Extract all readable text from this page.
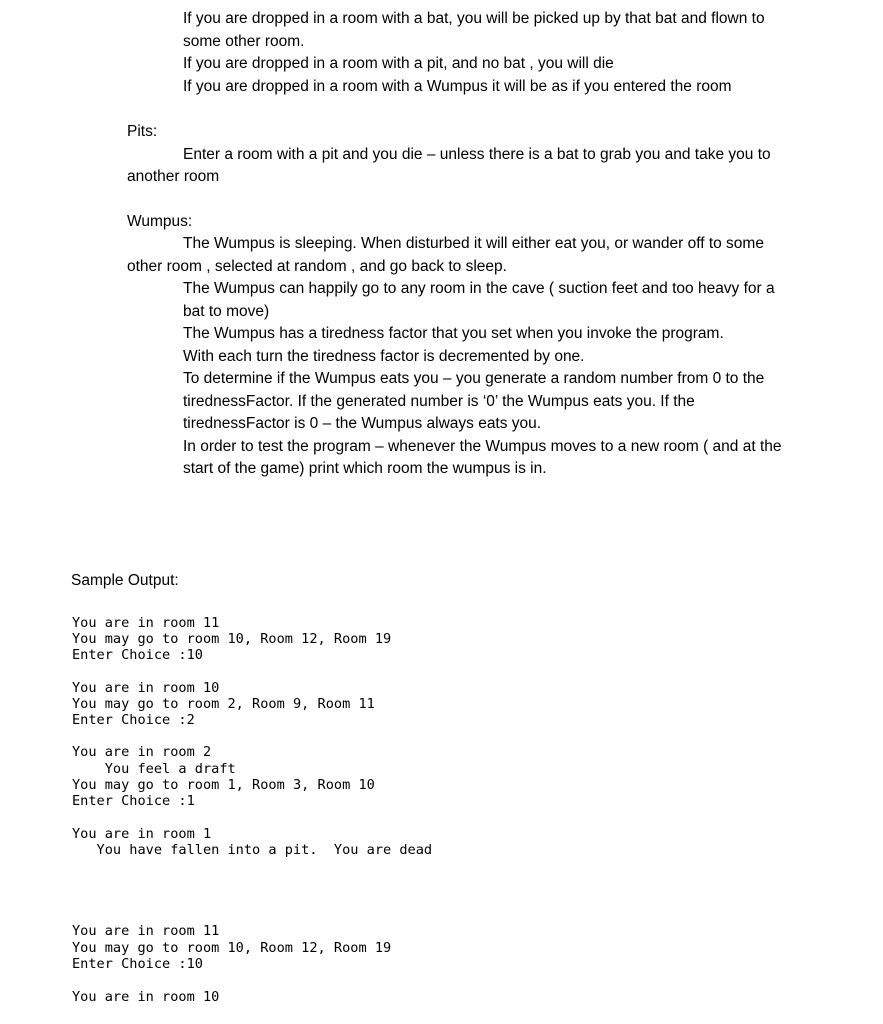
If you are dropped in a room with a bat, you will be picked up by that bat and flown to
some other room.
If you are dropped in a room with a pit, and no bat , you will die
If you are dropped in a room with a Wumpus it will be as if you entered the room
Pits:
Enter a room with a pit and you die – unless there is a bat to grab you and take you to
another room
Wumpus:
The Wumpus is sleeping. When disturbed it will either eat you, or wander off to some
other room , selected at random , and go back to sleep.
The Wumpus can happily go to any room in the cave ( suction feet and too heavy for a
bat to move)
The Wumpus has a tiredness factor that you set when you invoke the program.
With each turn the tiredness factor is decremented by one.
To determine if the Wumpus eats you – you generate a random number from 0 to the
tirednessFactor. If the generated number is ‘0’ the Wumpus eats you. If the
tirednessFactor is 0 – the Wumpus always eats you.
In order to test the program – whenever the Wumpus moves to a new room ( and at the
start of the game) print which room the wumpus is in.
Sample Output:
You are in room 11
You may go to room 10, Room 12, Room 19
Enter Choice :10
You are in room 10
You may go to room 2, Room 9, Room 11
Enter Choice :2
You are in room 2
You feel a draft
You may go to room 1, Room 3, Room 10
Enter Choice :1
You are in room 1
You have fallen into a pit.  You are dead
You are in room 11
You may go to room 10, Room 12, Room 19
Enter Choice :10
You are in room 10
